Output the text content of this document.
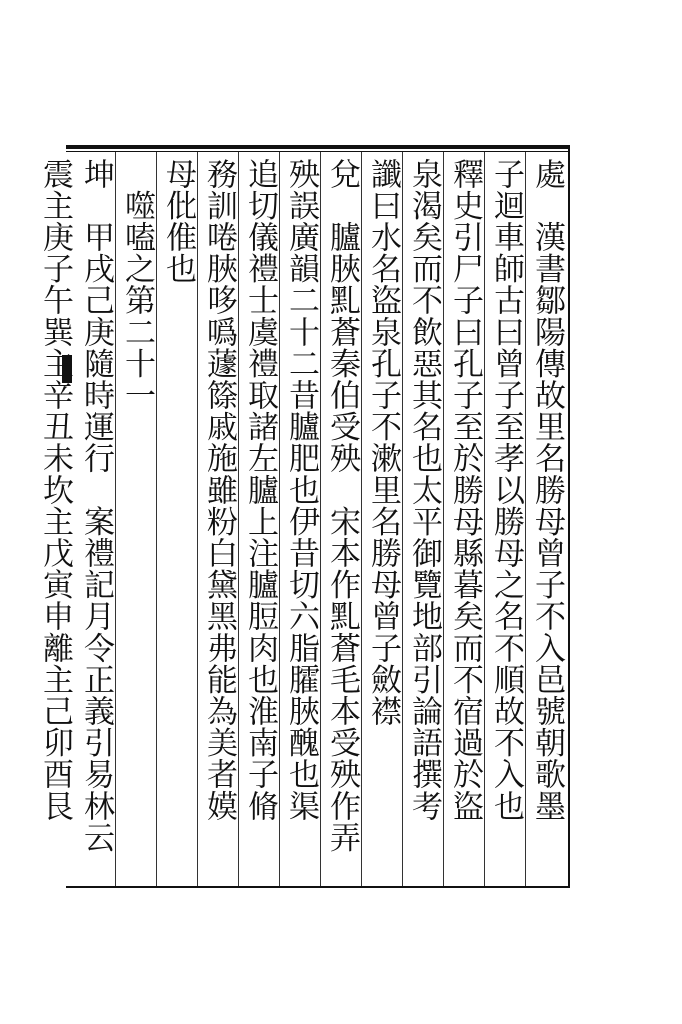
處　漢書鄒陽傳故里名勝母曾子不入邑號朝歌墨
子迴車師古曰曾子至孝以勝母之名不順故不入也
釋史引尸子曰孔子至於勝母縣暮矣而不宿過於盜
泉渴矣而不飲惡其名也太平御覽地部引論語撰考
讖曰水名盜泉孔子不漱里名勝母曾子斂襟
兌　臚脥䵝蒼秦伯受殃　宋本作䵝蒼毛本受殃作弄
殃誤廣韻二十二昔臚肥也伊昔切六脂臛脥醜也渠
追切儀禮士虞禮取諸左臚上注臚脰肉也淮南子脩
務訓啳脥哆噅蘧篨戚施雖粉白黛黑弗能為美者嫫
母仳倠也
　噬嗑之第二十一
坤　甲戌己庚隨時運行　案禮記月令正義引易林云
震主庚子午巽主辛丑未坎主戊寅申離主己卯酉艮
